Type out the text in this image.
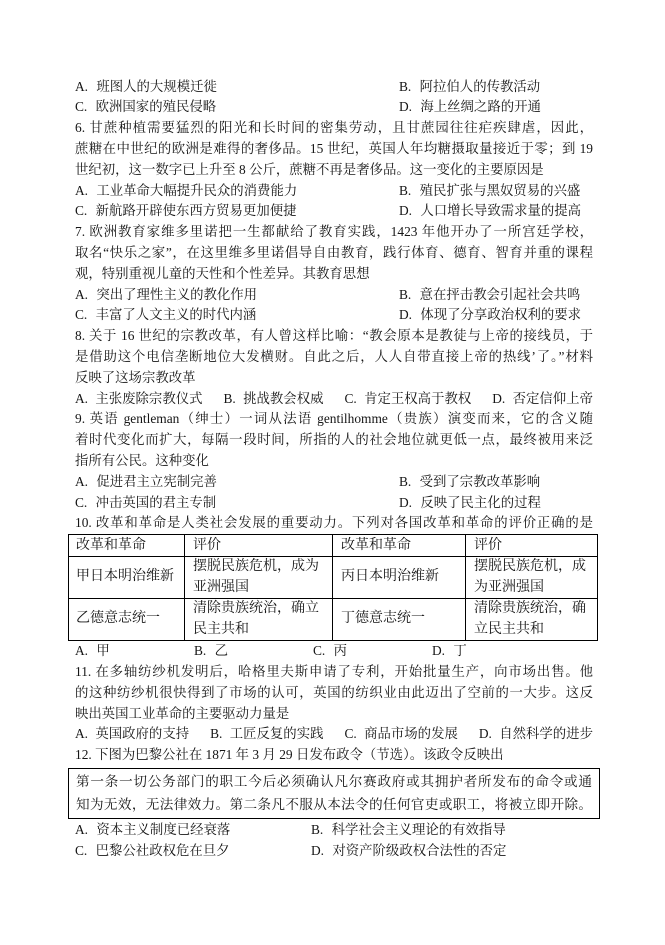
A. 班图人的大规模迁徙	B. 阿拉伯人的传教活动
C. 欧洲国家的殖民侵略	D. 海上丝绸之路的开通
6. 甘蔗种植需要猛烈的阳光和长时间的密集劳动，且甘蔗园往往疟疾肆虐，因此，
蔗糖在中世纪的欧洲是难得的奢侈品。15 世纪，英国人年均糖摄取量接近于零；到 19
世纪初，这一数字已上升至 8 公斤，蔗糖不再是奢侈品。这一变化的主要原因是
A. 工业革命大幅提升民众的消费能力	B. 殖民扩张与黑奴贸易的兴盛
C. 新航路开辟使东西方贸易更加便捷	D. 人口增长导致需求量的提高
7. 欧洲教育家维多里诺把一生都献给了教育实践，1423 年他开办了一所宫廷学校，
取名“快乐之家”，在这里维多里诺倡导自由教育，践行体育、德育、智育并重的课程
观，特别重视儿童的天性和个性差异。其教育思想
A. 突出了理性主义的教化作用	B. 意在抨击教会引起社会共鸣
C. 丰富了人文主义的时代内涵	D. 体现了分享政治权利的要求
8. 关于 16 世纪的宗教改革，有人曾这样比喻：“教会原本是教徒与上帝的接线员，于
是借助这个电信垄断地位大发横财。自此之后，人人自带直接上帝的热线’了。”材料
反映了这场宗教改革
A. 主张废除宗教仪式 B. 挑战教会权威 C. 肯定王权高于教权 D. 否定信仰上帝
9. 英语 gentleman（绅士）一词从法语 gentilhomme（贵族）演变而来，它的含义随
着时代变化而扩大，每隔一段时间，所指的人的社会地位就更低一点，最终被用来泛
指所有公民。这种变化
A. 促进君主立宪制完善	B. 受到了宗教改革影响
C. 冲击英国的君主专制	D. 反映了民主化的过程
10. 改革和革命是人类社会发展的重要动力。下列对各国改革和革命的评价正确的是
改革和革命	评价	改革和革命	评价
甲日本明治维新	摆脱民族危机，成为亚洲强国	丙日本明治维新	摆脱民族危机，成为亚洲强国
乙德意志统一	清除贵族统治，确立民主共和	丁德意志统一	清除贵族统治，确立民主共和
A. 甲	B. 乙	C. 丙	D. 丁
11. 在多轴纺纱机发明后，哈格里夫斯申请了专利，开始批量生产，向市场出售。他
的这种纺纱机很快得到了市场的认可，英国的纺织业由此迈出了空前的一大步。这反
映出英国工业革命的主要驱动力量是
A. 英国政府的支持 B. 工匠反复的实践 C. 商品市场的发展 D. 自然科学的进步
12. 下图为巴黎公社在 1871 年 3 月 29 日发布政令（节选）。该政令反映出
第一条一切公务部门的职工今后必须确认凡尔赛政府或其拥护者所发布的命令或通
知为无效，无法律效力。第二条凡不服从本法令的任何官吏或职工，将被立即开除。
A. 资本主义制度已经衰落	B. 科学社会主义理论的有效指导
C. 巴黎公社政权危在旦夕	D. 对资产阶级政权合法性的否定
